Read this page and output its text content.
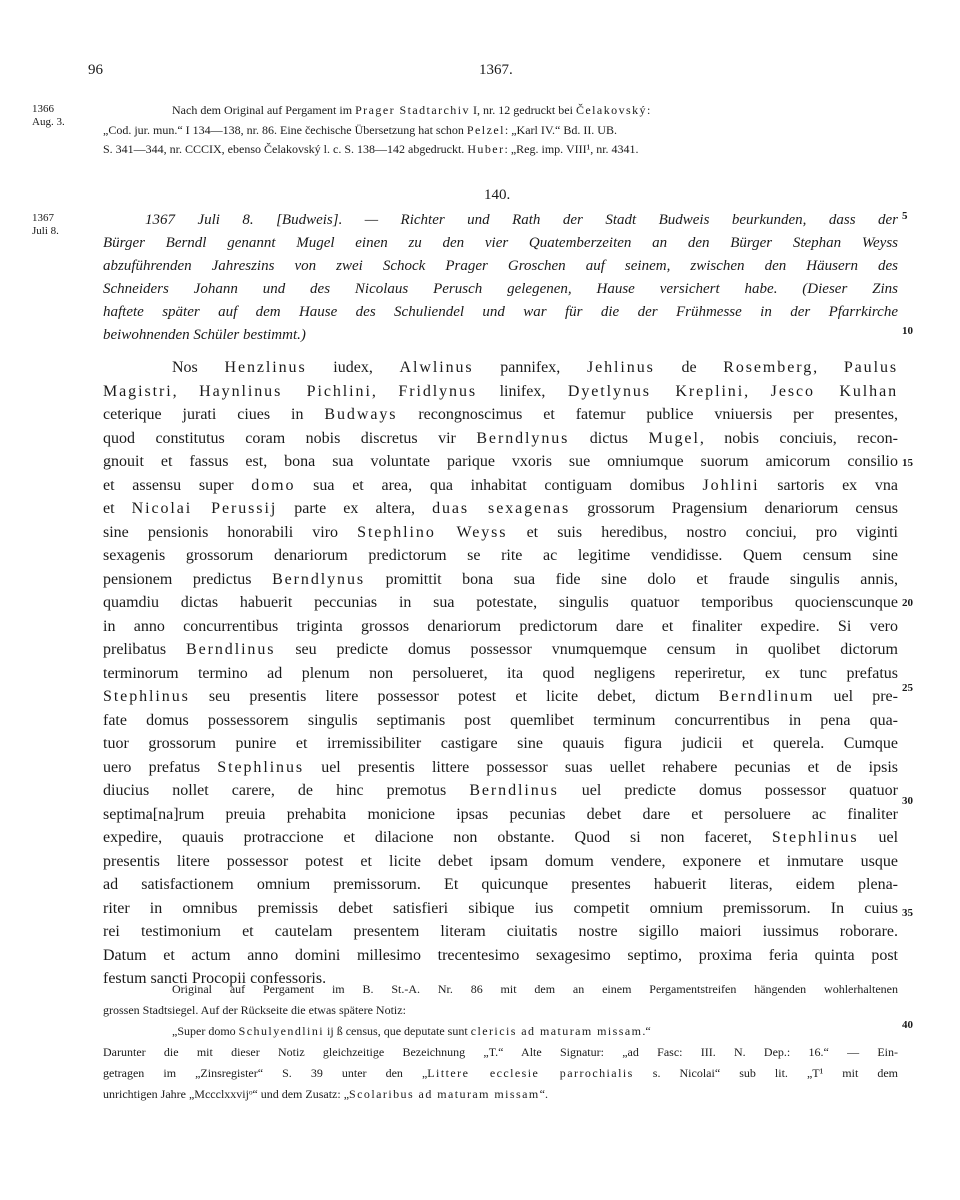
96	1367.
1366
Aug. 3.
1367
Juli 8.
Nach dem Original auf Pergament im Prager Stadtarchiv I, nr. 12 gedruckt bei Čelakovský:
„Cod. jur. mun.“ I 134—138, nr. 86. Eine čechische Übersetzung hat schon Pelzel: „Karl IV.“ Bd. II. UB.
S. 341—344, nr. CCCIX, ebenso Čelakovský l. c. S. 138—142 abgedruckt. Huber: „Reg. imp. VIII¹, nr. 4341.
140.
1367 Juli 8. [Budweis]. — Richter und Rath der Stadt Budweis beurkunden, dass der
Bürger Berndl genannt Mugel einen zu den vier Quatemberzeiten an den Bürger Stephan Weyss
abzuführenden Jahreszins von zwei Schock Prager Groschen auf seinem, zwischen den Häusern des
Schneiders Johann und des Nicolaus Perusch gelegenen, Hause versichert habe. (Dieser Zins
haftete später auf dem Hause des Schuliendel und war für die der Frühmesse in der Pfarrkirche
beiwohnenden Schüler bestimmt.)
Nos Henzlinus iudex, Alwlinus pannifex, Jehlinus de Rosemberg, Paulus
Magistri, Haynlinus Pichlini, Fridlynus linifex, Dyetlynus Kreplini, Jesco Kulhan
ceterique jurati ciues in Budways recongnoscimus et fatemur publice vniuersis per presentes,
quod constitutus coram nobis discretus vir Berndlynus dictus Mugel, nobis conciuis, recon-
gnouit et fassus est, bona sua voluntate parique vxoris sue omniumque suorum amicorum consilio
et assensu super domo sua et area, qua inhabitat contiguam domibus Johlini sartoris ex vna
et Nicolai Perussij parte ex altera, duas sexagenas grossorum Pragensium denariorum census
sine pensionis honorabili viro Stephlino Weyss et suis heredibus, nostro conciui, pro viginti
sexagenis grossorum denariorum predictorum se rite ac legitime vendidisse. Quem censum sine
pensionem predictus Berndlynus promittit bona sua fide sine dolo et fraude singulis annis,
quamdiu dictas habuerit peccunias in sua potestate, singulis quatuor temporibus quocienscunque
in anno concurrentibus triginta grossos denariorum predictorum dare et finaliter expedire. Si vero
prelibatus Berndlinus seu predicte domus possessor vnumquemque censum in quolibet dictorum
terminorum termino ad plenum non persolueret, ita quod negligens reperiretur, ex tunc prefatus
Stephlinus seu presentis litere possessor potest et licite debet, dictum Berndlinum uel pre-
fate domus possessorem singulis septimanis post quemlibet terminum concurrentibus in pena qua-
tuor grossorum punire et irremissibiliter castigare sine quauis figura judicii et querela. Cumque
uero prefatus Stephlinus uel presentis littere possessor suas uellet rehabere pecunias et de ipsis
diucius nollet carere, de hinc premotus Berndlinus uel predicte domus possessor quatuor
septima[na]rum preuia prehabita monicione ipsas pecunias debet dare et persoluere ac finaliter
expedire, quauis protraccione et dilacione non obstante. Quod si non faceret, Stephlinus uel
presentis litere possessor potest et licite debet ipsam domum vendere, exponere et inmutare usque
ad satisfactionem omnium premissorum. Et quicunque presentes habuerit literas, eidem plena-
riter in omnibus premissis debet satisfieri sibique ius competit omnium premissorum. In cuius
rei testimonium et cautelam presentem literam ciuitatis nostre sigillo maiori iussimus roborare.
Datum et actum anno domini millesimo trecentesimo sexagesimo septimo, proxima feria quinta post
festum sancti Procopii confessoris.
Original auf Pergament im B. St.-A. Nr. 86 mit dem an einem Pergamentstreifen hängenden wohlerhaltenen
grossen Stadtsiegel. Auf der Rückseite die etwas spätere Notiz:
„Super domo Schulyendlini ij ß census, que deputate sunt clericis ad maturam missam.“
Darunter die mit dieser Notiz gleichzeitige Bezeichnung „T.“ Alte Signatur: „ad Fasc: III. N. Dep.: 16.“ — Ein-
getragen im „Zinsregister“ S. 39 unter den „Littere ecclesie parrochialis s. Nicolai“ sub lit. „T¹ mit dem
unrichtigen Jahre „Mccclxxvijᵒ“ und dem Zusatz: „Scolaribus ad maturam missam“.
5
10
15
20
25
30
35
40
